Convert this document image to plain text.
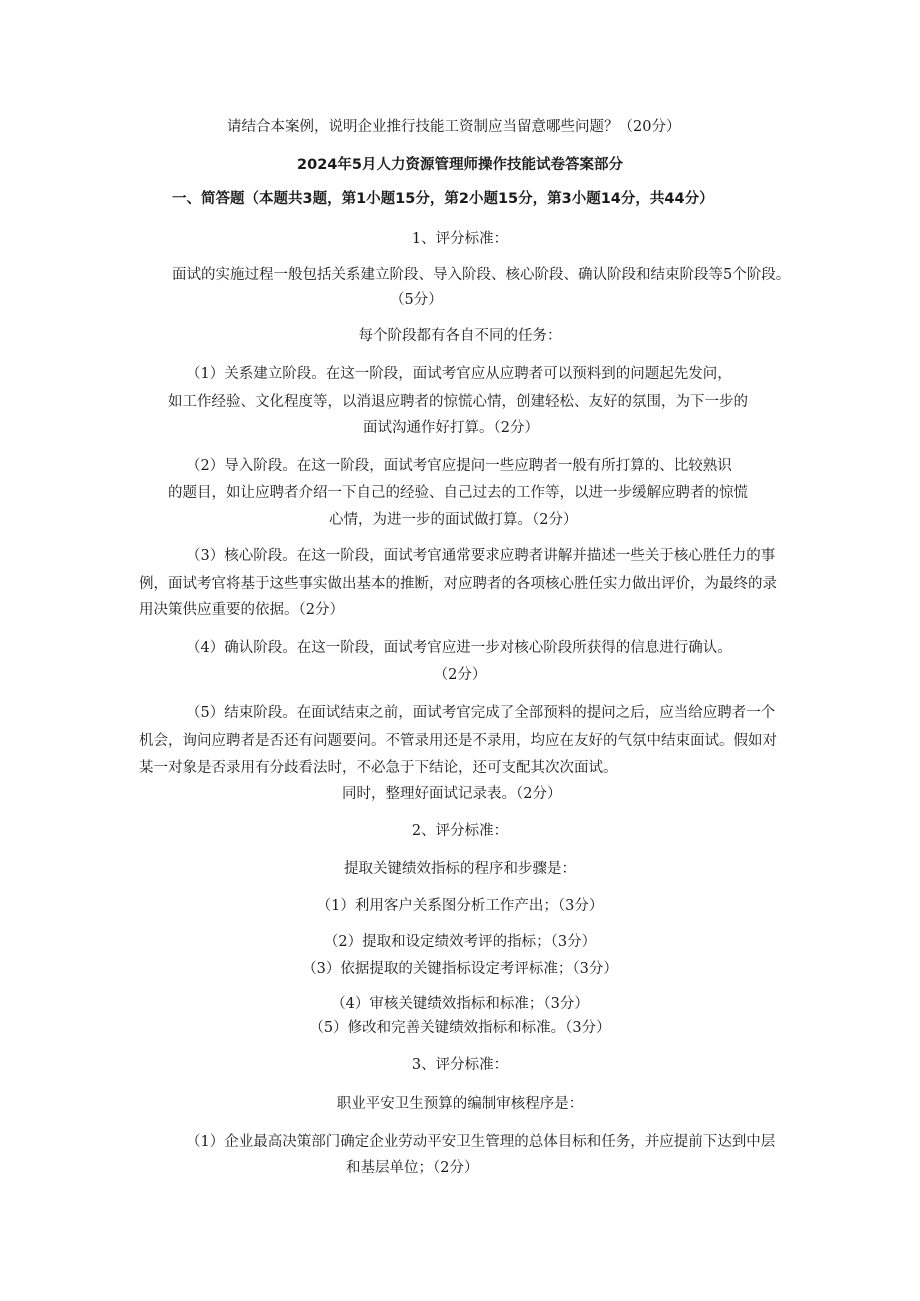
请结合本案例，说明企业推行技能工资制应当留意哪些问题？（20分）
2024年5月人力资源管理师操作技能试卷答案部分
一、简答题（本题共3题，第1小题15分，第2小题15分，第3小题14分，共44分）
1、评分标准：
面试的实施过程一般包括关系建立阶段、导入阶段、核心阶段、确认阶段和结束阶段等5个阶段。
（5分）
每个阶段都有各自不同的任务：
（1）关系建立阶段。在这一阶段，面试考官应从应聘者可以预料到的问题起先发问，
如工作经验、文化程度等，以消退应聘者的惊慌心情，创建轻松、友好的氛围，为下一步的
面试沟通作好打算。（2分）
（2）导入阶段。在这一阶段，面试考官应提问一些应聘者一般有所打算的、比较熟识
的题目，如让应聘者介绍一下自己的经验、自己过去的工作等，以进一步缓解应聘者的惊慌
心情，为进一步的面试做打算。（2分）
（3）核心阶段。在这一阶段，面试考官通常要求应聘者讲解并描述一些关于核心胜任力的事
例，面试考官将基于这些事实做出基本的推断，对应聘者的各项核心胜任实力做出评价，为最终的录
用决策供应重要的依据。（2分）
（4）确认阶段。在这一阶段，面试考官应进一步对核心阶段所获得的信息进行确认。
（2分）
（5）结束阶段。在面试结束之前，面试考官完成了全部预料的提问之后，应当给应聘者一个
机会，询问应聘者是否还有问题要问。不管录用还是不录用，均应在友好的气氛中结束面试。假如对
某一对象是否录用有分歧看法时，不必急于下结论，还可支配其次次面试。
同时，整理好面试记录表。（2分）
2、评分标准：
提取关键绩效指标的程序和步骤是：
（1）利用客户关系图分析工作产出；（3分）
（2）提取和设定绩效考评的指标；（3分）
（3）依据提取的关键指标设定考评标准；（3分）
（4）审核关键绩效指标和标准；（3分）
（5）修改和完善关键绩效指标和标准。（3分）
3、评分标准：
职业平安卫生预算的编制审核程序是：
（1）企业最高决策部门确定企业劳动平安卫生管理的总体目标和任务，并应提前下达到中层
和基层单位；（2分）
